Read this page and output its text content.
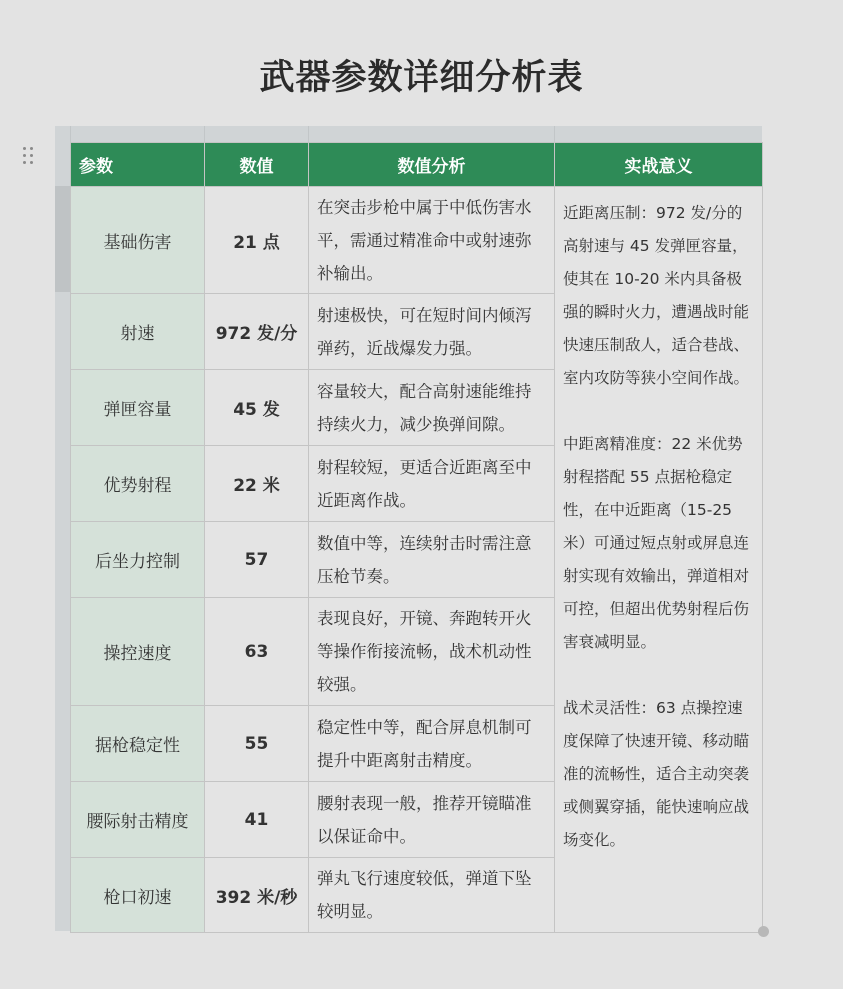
武器参数详细分析表
参数	数值	数值分析	实战意义
基础伤害	21 点	在突击步枪中属于中低伤害水平，需通过精准命中或射速弥补输出。	近距离压制：972 发/分的高射速与 45 发弹匣容量，使其在 10-20 米内具备极强的瞬时火力，遭遇战时能快速压制敌人，适合巷战、室内攻防等狭小空间作战。

中距离精准度：22 米优势射程搭配 55 点据枪稳定性，在中近距离（15-25 米）可通过短点射或屏息连射实现有效输出，弹道相对可控，但超出优势射程后伤害衰减明显。

战术灵活性：63 点操控速度保障了快速开镜、移动瞄准的流畅性，适合主动突袭或侧翼穿插，能快速响应战场变化。

射速	972 发/分	射速极快，可在短时间内倾泻弹药，近战爆发力强。	
弹匣容量	45 发	容量较大，配合高射速能维持持续火力，减少换弹间隙。	
优势射程	22 米	射程较短，更适合近距离至中近距离作战。	
后坐力控制	57	数值中等，连续射击时需注意压枪节奏。	
操控速度	63	表现良好，开镜、奔跑转开火等操作衔接流畅，战术机动性较强。	
据枪稳定性	55	稳定性中等，配合屏息机制可提升中距离射击精度。	
腰际射击精度	41	腰射表现一般，推荐开镜瞄准以保证命中。	
枪口初速	392 米/秒	弹丸飞行速度较低，弹道下坠较明显。	
